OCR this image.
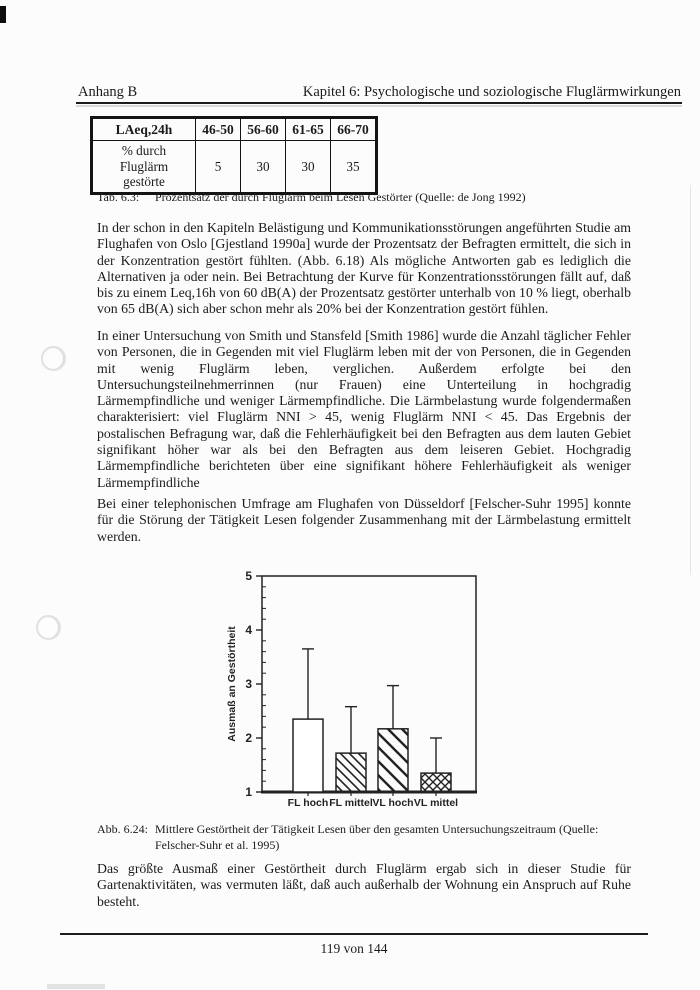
Anhang B	Kapitel 6: Psychologische und soziologische Fluglärmwirkungen
LAeq,24h	46-50	56-60	61-65	66-70
% durch Fluglärm gestörte	5	30	30	35
Tab. 6.3: Prozentsatz der durch Fluglärm beim Lesen Gestörter (Quelle: de Jong 1992)

In der schon in den Kapiteln Belästigung und Kommunikationsstörungen angeführten Studie am Flughafen von Oslo [Gjestland 1990a] wurde der Prozentsatz der Befragten ermittelt, die sich in der Konzentration gestört fühlten. (Abb. 6.18) Als mögliche Antworten gab es lediglich die Alternativen ja oder nein. Bei Betrachtung der Kurve für Konzentrationsstörungen fällt auf, daß bis zu einem Leq,16h von 60 dB(A) der Prozentsatz gestörter unterhalb von 10 % liegt, oberhalb von 65 dB(A) sich aber schon mehr als 20% bei der Konzentration gestört fühlen.

In einer Untersuchung von Smith und Stansfeld [Smith 1986] wurde die Anzahl täglicher Fehler von Personen, die in Gegenden mit viel Fluglärm leben mit der von Personen, die in Gegenden mit wenig Fluglärm leben, verglichen. Außerdem erfolgte bei den Untersuchungsteilnehmerrinnen (nur Frauen) eine Unterteilung in hochgradig Lärmempfindliche und weniger Lärmempfindliche. Die Lärmbelastung wurde folgendermaßen charakterisiert: viel Fluglärm NNI > 45, wenig Fluglärm NNI < 45. Das Ergebnis der postalischen Befragung war, daß die Fehlerhäufigkeit bei den Befragten aus dem lauten Gebiet signifikant höher war als bei den Befragten aus dem leiseren Gebiet. Hochgradig Lärmempfindliche berichteten über eine signifikant höhere Fehlerhäufigkeit als weniger Lärmempfindliche

Bei einer telephonischen Umfrage am Flughafen von Düsseldorf [Felscher-Suhr 1995] konnte für die Störung der Tätigkeit Lesen folgender Zusammenhang mit der Lärmbelastung ermittelt werden.

1
2
3
4
5
FL hoch FL mittel VL hoch VL mittel
Ausmaß an Gestörtheit
Abb. 6.24: Mittlere Gestörtheit der Tätigkeit Lesen über den gesamten Untersuchungszeitraum (Quelle: Felscher-Suhr et al. 1995)

Das größte Ausmaß einer Gestörtheit durch Fluglärm ergab sich in dieser Studie für Gartenaktivitäten, was vermuten läßt, daß auch außerhalb der Wohnung ein Anspruch auf Ruhe besteht.

119 von 144
